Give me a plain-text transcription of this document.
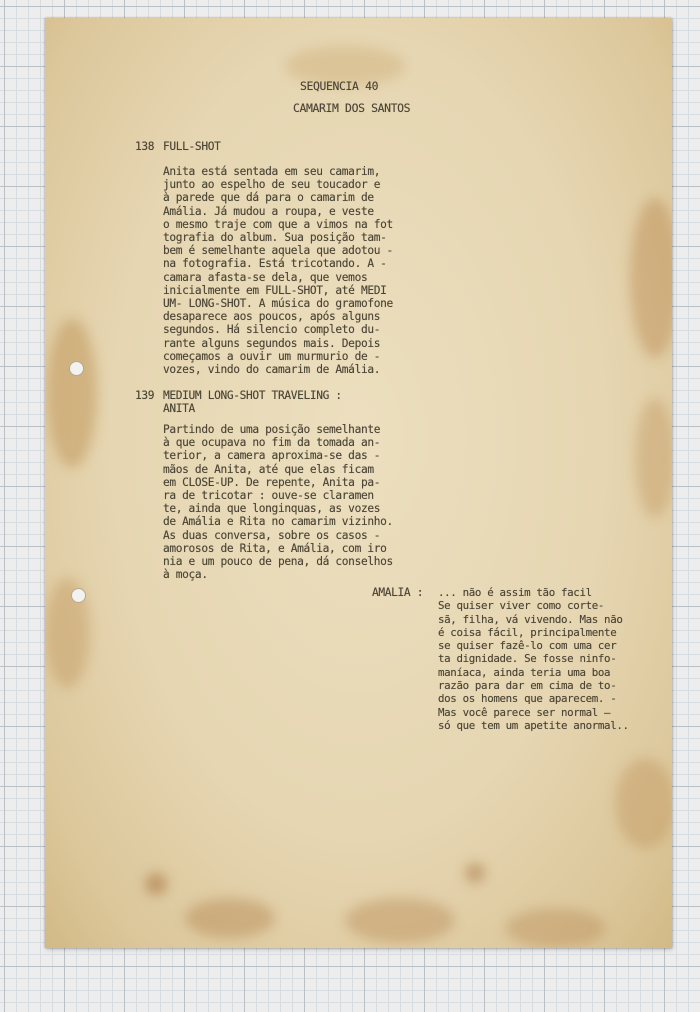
SEQUENCIA 40
CAMARIM DOS SANTOS
138 FULL-SHOT
Anita está sentada em seu camarim,
junto ao espelho de seu toucador e
à parede que dá para o camarim de
Amália. Já mudou a roupa, e veste
o mesmo traje com que a vimos na fot
tografia do album. Sua posição tam-
bem é semelhante aquela que adotou -
na fotografia. Está tricotando. A -
camara afasta-se dela, que vemos
inicialmente em FULL-SHOT, até MEDI
UM- LONG-SHOT. A música do gramofone
desaparece aos poucos, após alguns
segundos. Há silencio completo du-
rante alguns segundos mais. Depois
começamos a ouvir um murmurio de -
vozes, vindo do camarim de Amália.
139 MEDIUM LONG-SHOT TRAVELING :
ANITA
Partindo de uma posição semelhante
à que ocupava no fim da tomada an-
terior, a camera aproxima-se das -
mãos de Anita, até que elas ficam
em CLOSE-UP. De repente, Anita pa-
ra de tricotar : ouve-se claramen
te, ainda que longinquas, as vozes
de Amália e Rita no camarim vizinho.
As duas conversa, sobre os casos -
amorosos de Rita, e Amália, com iro
nia e um pouco de pena, dá conselhos
à moça.
AMALIA : ... não é assim tão facil
Se quiser viver como corte-
sã, filha, vá vivendo. Mas não
é coisa fácil, principalmente
se quiser fazê-lo com uma cer
ta dignidade. Se fosse ninfo-
maníaca, ainda teria uma boa
razão para dar em cima de to-
dos os homens que aparecem. -
Mas você parece ser normal —
só que tem um apetite anormal..
